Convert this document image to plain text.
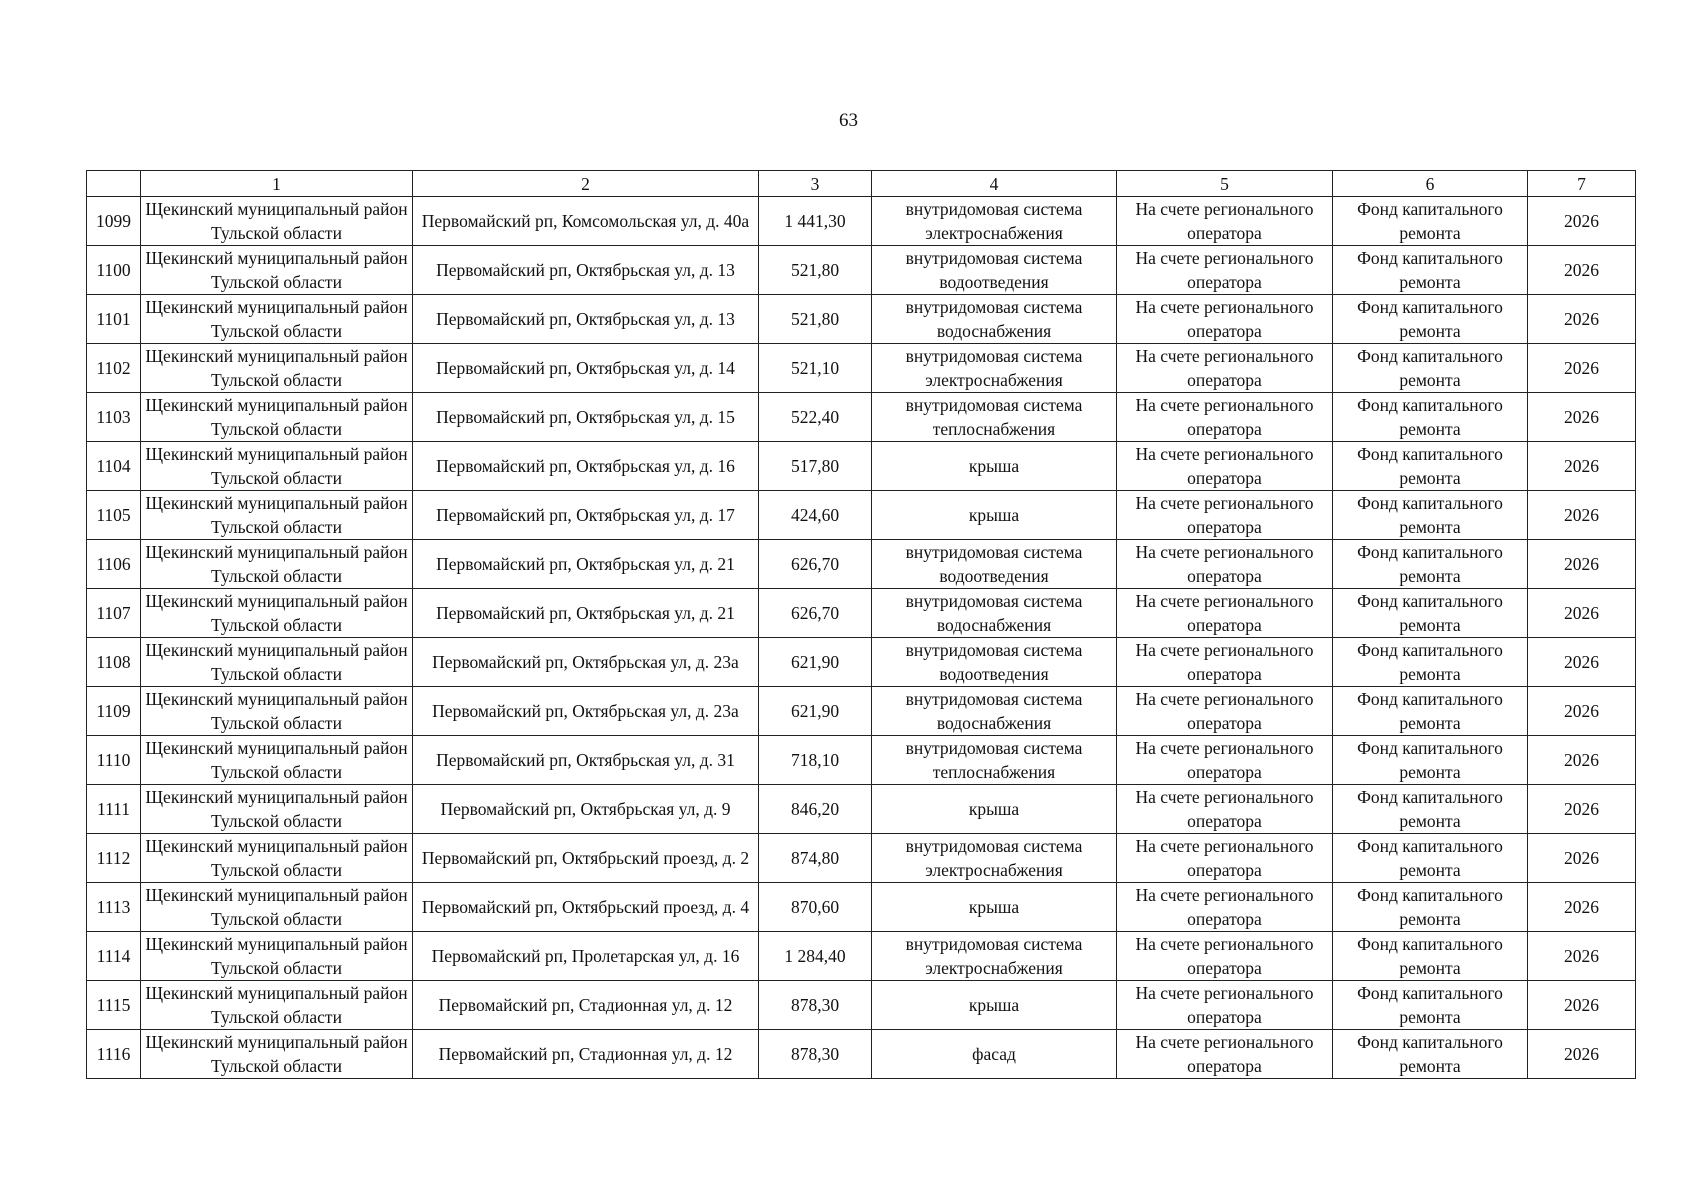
63
	1	2	3	4	5	6	7
1099	Щекинский муниципальный район Тульской области	Первомайский рп, Комсомольская ул, д. 40а	1 441,30	внутридомовая система электроснабжения	На счете регионального оператора	Фонд капитального ремонта	2026
1100	Щекинский муниципальный район Тульской области	Первомайский рп, Октябрьская ул, д. 13	521,80	внутридомовая система водоотведения	На счете регионального оператора	Фонд капитального ремонта	2026
1101	Щекинский муниципальный район Тульской области	Первомайский рп, Октябрьская ул, д. 13	521,80	внутридомовая система водоснабжения	На счете регионального оператора	Фонд капитального ремонта	2026
1102	Щекинский муниципальный район Тульской области	Первомайский рп, Октябрьская ул, д. 14	521,10	внутридомовая система электроснабжения	На счете регионального оператора	Фонд капитального ремонта	2026
1103	Щекинский муниципальный район Тульской области	Первомайский рп, Октябрьская ул, д. 15	522,40	внутридомовая система теплоснабжения	На счете регионального оператора	Фонд капитального ремонта	2026
1104	Щекинский муниципальный район Тульской области	Первомайский рп, Октябрьская ул, д. 16	517,80	крыша	На счете регионального оператора	Фонд капитального ремонта	2026
1105	Щекинский муниципальный район Тульской области	Первомайский рп, Октябрьская ул, д. 17	424,60	крыша	На счете регионального оператора	Фонд капитального ремонта	2026
1106	Щекинский муниципальный район Тульской области	Первомайский рп, Октябрьская ул, д. 21	626,70	внутридомовая система водоотведения	На счете регионального оператора	Фонд капитального ремонта	2026
1107	Щекинский муниципальный район Тульской области	Первомайский рп, Октябрьская ул, д. 21	626,70	внутридомовая система водоснабжения	На счете регионального оператора	Фонд капитального ремонта	2026
1108	Щекинский муниципальный район Тульской области	Первомайский рп, Октябрьская ул, д. 23а	621,90	внутридомовая система водоотведения	На счете регионального оператора	Фонд капитального ремонта	2026
1109	Щекинский муниципальный район Тульской области	Первомайский рп, Октябрьская ул, д. 23а	621,90	внутридомовая система водоснабжения	На счете регионального оператора	Фонд капитального ремонта	2026
1110	Щекинский муниципальный район Тульской области	Первомайский рп, Октябрьская ул, д. 31	718,10	внутридомовая система теплоснабжения	На счете регионального оператора	Фонд капитального ремонта	2026
1111	Щекинский муниципальный район Тульской области	Первомайский рп, Октябрьская ул, д. 9	846,20	крыша	На счете регионального оператора	Фонд капитального ремонта	2026
1112	Щекинский муниципальный район Тульской области	Первомайский рп, Октябрьский проезд, д. 2	874,80	внутридомовая система электроснабжения	На счете регионального оператора	Фонд капитального ремонта	2026
1113	Щекинский муниципальный район Тульской области	Первомайский рп, Октябрьский проезд, д. 4	870,60	крыша	На счете регионального оператора	Фонд капитального ремонта	2026
1114	Щекинский муниципальный район Тульской области	Первомайский рп, Пролетарская ул, д. 16	1 284,40	внутридомовая система электроснабжения	На счете регионального оператора	Фонд капитального ремонта	2026
1115	Щекинский муниципальный район Тульской области	Первомайский рп, Стадионная ул, д. 12	878,30	крыша	На счете регионального оператора	Фонд капитального ремонта	2026
1116	Щекинский муниципальный район Тульской области	Первомайский рп, Стадионная ул, д. 12	878,30	фасад	На счете регионального оператора	Фонд капитального ремонта	2026
